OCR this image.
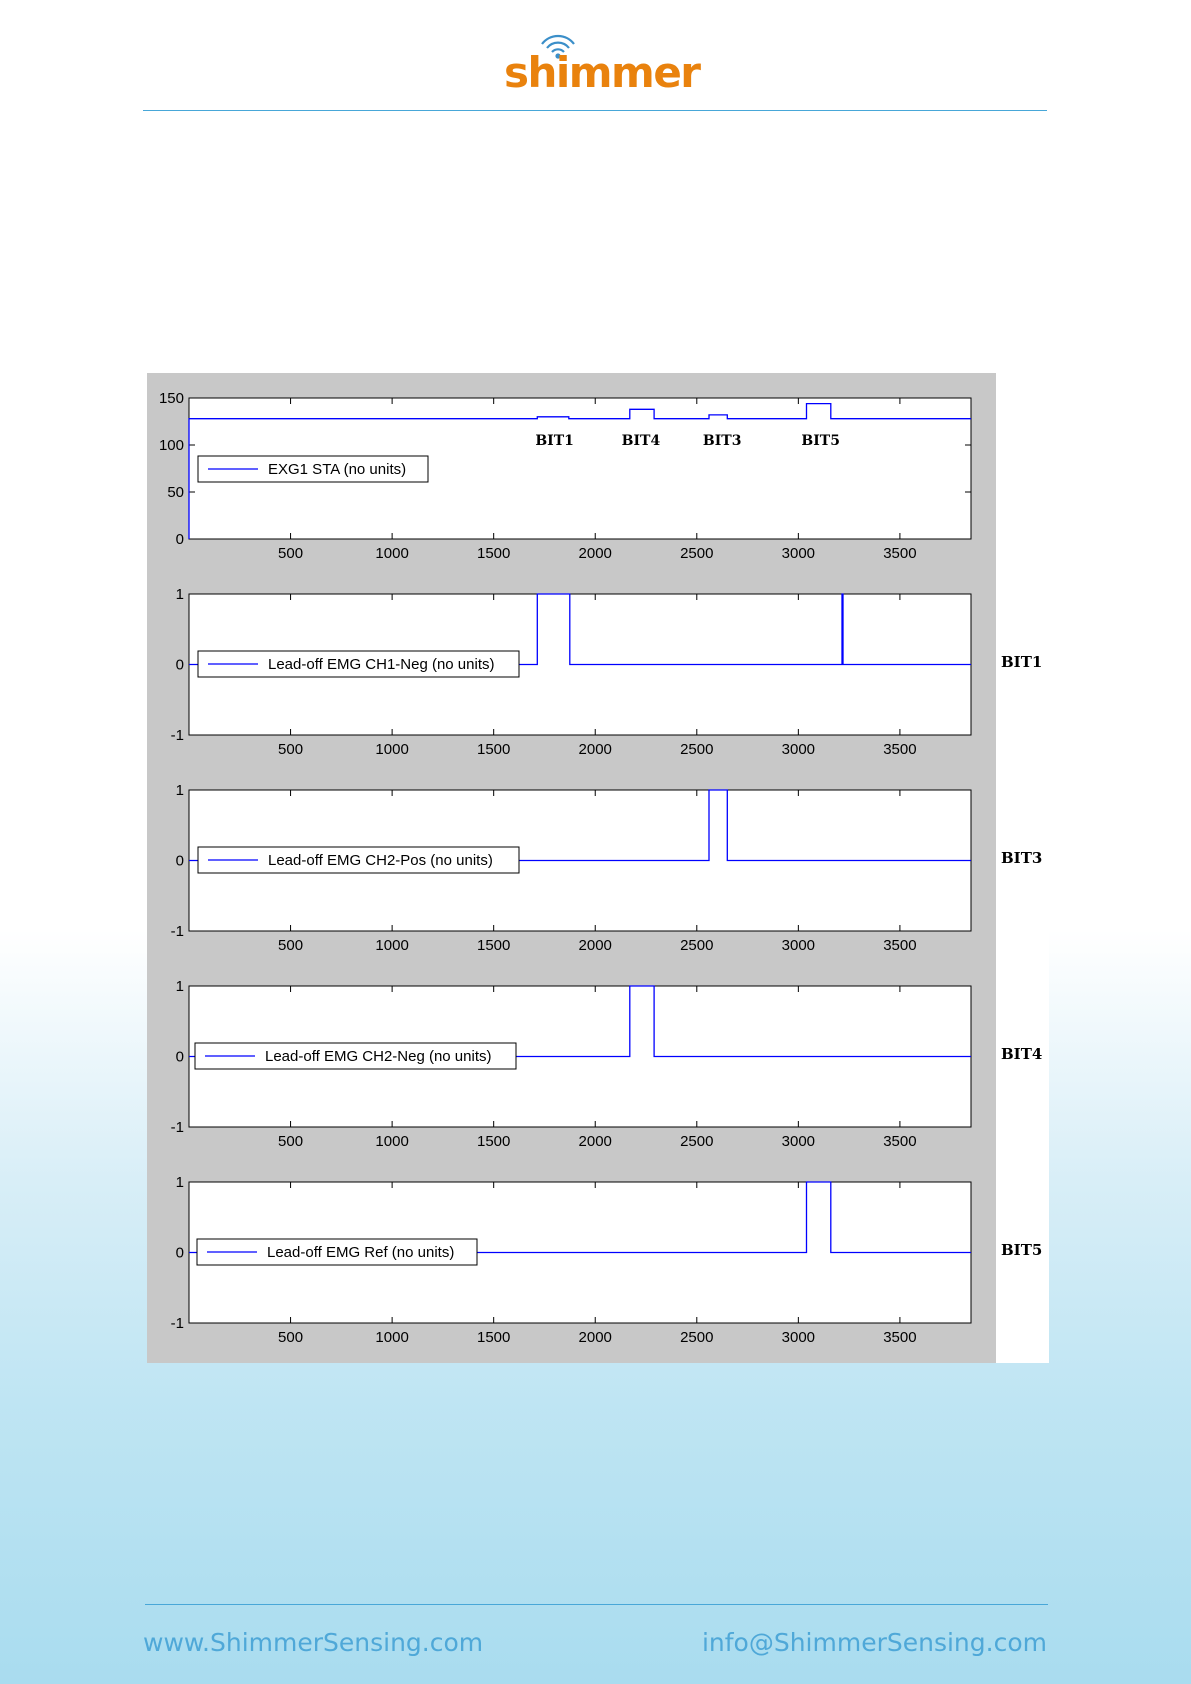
shimmer
500	1000	1500	2000	2500	3000	3500
0
50
100
150
EXG1 STA (no units)
BIT1	BIT4	BIT3	BIT5
500	1000	1500	2000	2500	3000	3500
-1
0
1
Lead-off EMG CH1-Neg (no units)
500	1000	1500	2000	2500	3000	3500
-1
0
1
Lead-off EMG CH2-Pos (no units)
500	1000	1500	2000	2500	3000	3500
-1
0
1
Lead-off EMG CH2-Neg (no units)
500	1000	1500	2000	2500	3000	3500
-1
0
1
Lead-off EMG Ref (no units)
BIT1
BIT3
BIT4
BIT5
www.ShimmerSensing.com	info@ShimmerSensing.com
